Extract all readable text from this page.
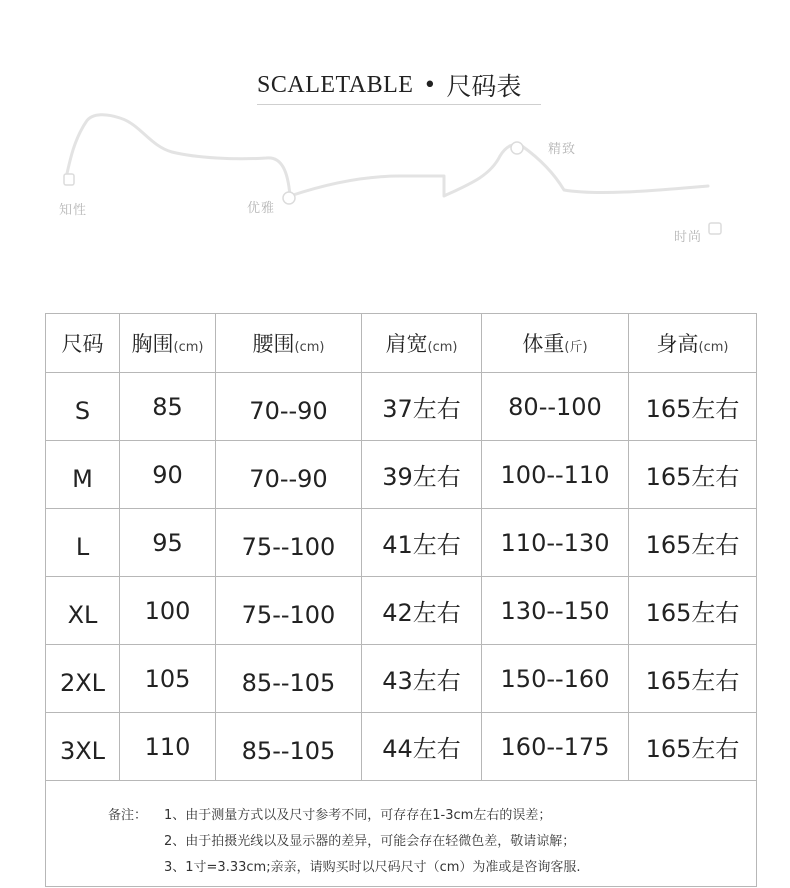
SCALETABLE • 尺码表
知性	优雅
精致
时尚
尺码	胸围(cm)	腰围(cm)	肩宽(cm)	体重(斤)	身高(cm)
S	85	70--90	37左右	80--100	165左右
M	90	70--90	39左右	100--110	165左右
L	95	75--100	41左右	110--130	165左右
XL	100	75--100	42左右	130--150	165左右
2XL	105	85--105	43左右	150--160	165左右
3XL	110	85--105	44左右	160--175	165左右

备注： 1、由于测量方式以及尺寸参考不同，可存存在1-3cm左右的误差；
2、由于拍摄光线以及显示器的差异，可能会存在轻微色差，敬请谅解；
3、1寸=3.33cm;亲亲，请购买时以尺码尺寸（cm）为准或是咨询客服.					
